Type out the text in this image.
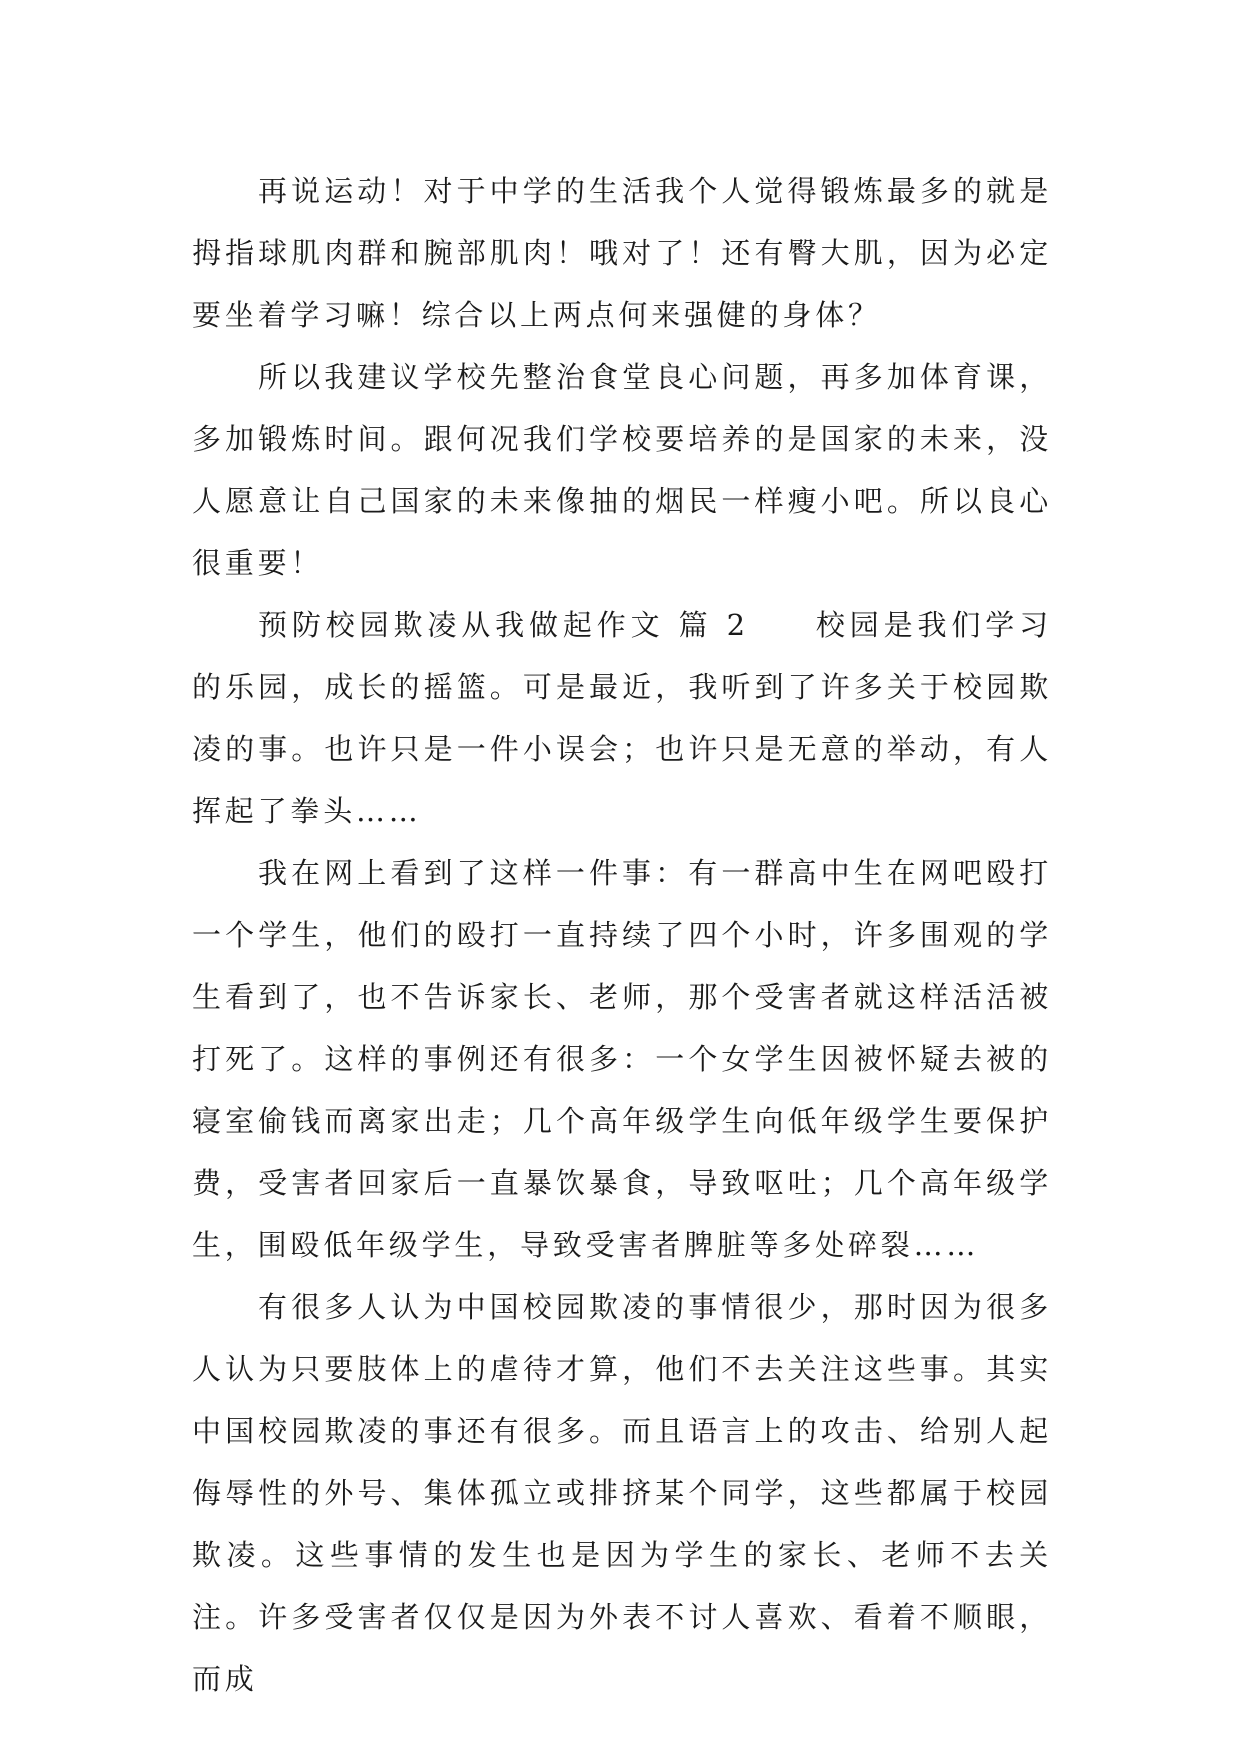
再说运动！对于中学的生活我个人觉得锻炼最多的就是拇指球肌肉群和腕部肌肉！哦对了！还有臀大肌，因为必定要坐着学习嘛！综合以上两点何来强健的身体？

所以我建议学校先整治食堂良心问题，再多加体育课，多加锻炼时间。跟何况我们学校要培养的是国家的未来，没人愿意让自己国家的未来像抽的烟民一样瘦小吧。所以良心很重要！

预防校园欺凌从我做起作文 篇 2 校园是我们学习的乐园，成长的摇篮。可是最近，我听到了许多关于校园欺凌的事。也许只是一件小误会；也许只是无意的举动，有人挥起了拳头……

我在网上看到了这样一件事：有一群高中生在网吧殴打一个学生，他们的殴打一直持续了四个小时，许多围观的学生看到了，也不告诉家长、老师，那个受害者就这样活活被打死了。这样的事例还有很多：一个女学生因被怀疑去被的寝室偷钱而离家出走；几个高年级学生向低年级学生要保护费，受害者回家后一直暴饮暴食，导致呕吐；几个高年级学生，围殴低年级学生，导致受害者脾脏等多处碎裂……

有很多人认为中国校园欺凌的事情很少，那时因为很多人认为只要肢体上的虐待才算，他们不去关注这些事。其实中国校园欺凌的事还有很多。而且语言上的攻击、给别人起侮辱性的外号、集体孤立或排挤某个同学，这些都属于校园欺凌。这些事情的发生也是因为学生的家长、老师不去关注。许多受害者仅仅是因为外表不讨人喜欢、看着不顺眼，而成
